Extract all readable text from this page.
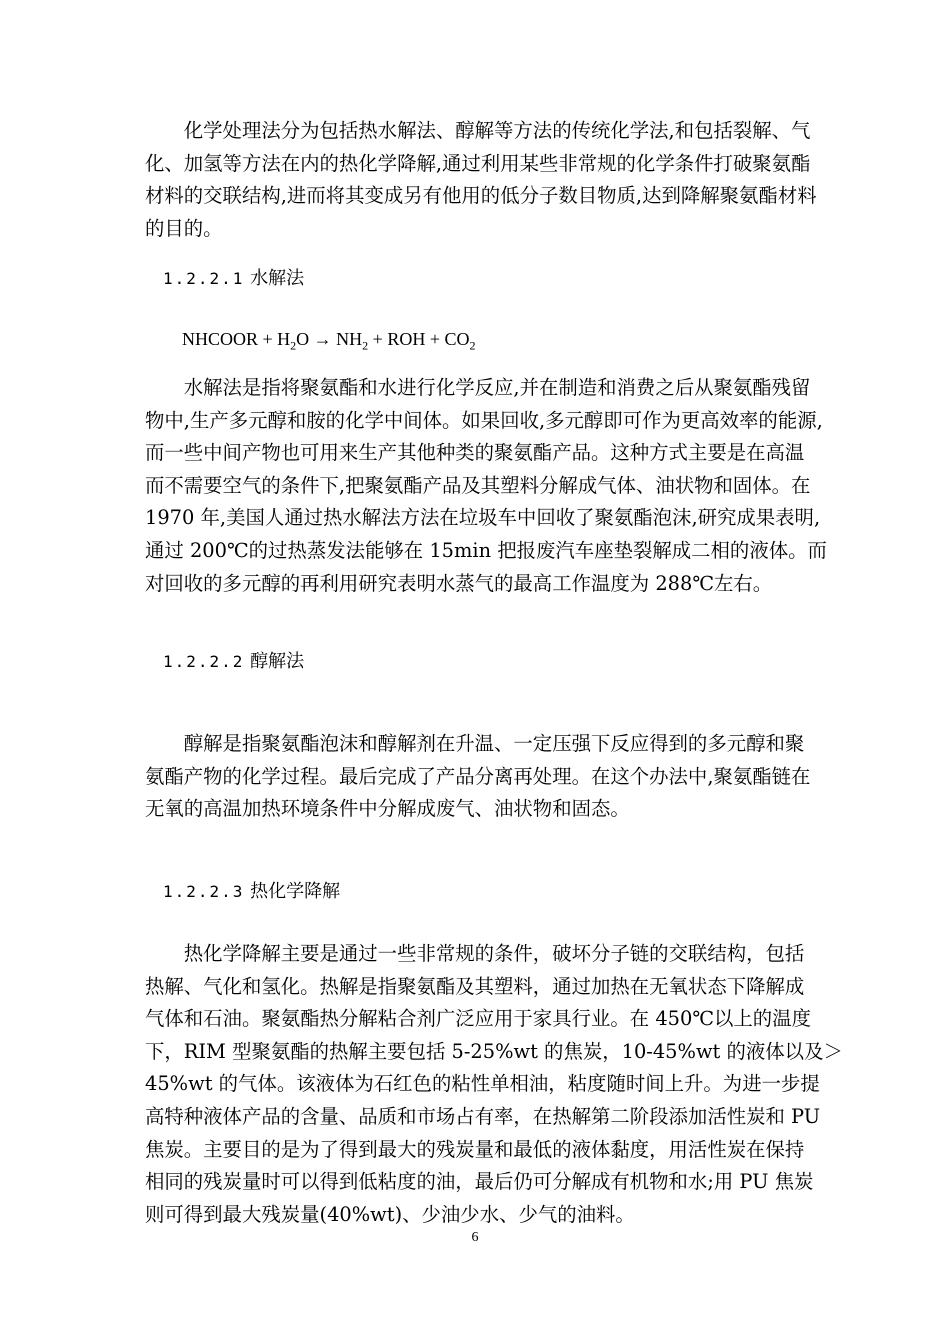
　　化学处理法分为包括热水解法、醇解等方法的传统化学法,和包括裂解、气
化、加氢等方法在内的热化学降解,通过利用某些非常规的化学条件打破聚氨酯
材料的交联结构,进而将其变成另有他用的低分子数目物质,达到降解聚氨酯材料
的目的。
1.2.2.1 水解法
NHCOOR + $H_2O \to NH_2$ + ROH + $CO_2$
　　水解法是指将聚氨酯和水进行化学反应,并在制造和消费之后从聚氨酯残留
物中,生产多元醇和胺的化学中间体。如果回收,多元醇即可作为更高效率的能源,
而一些中间产物也可用来生产其他种类的聚氨酯产品。这种方式主要是在高温
而不需要空气的条件下,把聚氨酯产品及其塑料分解成气体、油状物和固体。在
1970 年,美国人通过热水解法方法在垃圾车中回收了聚氨酯泡沫,研究成果表明,
通过 200℃的过热蒸发法能够在 15min 把报废汽车座垫裂解成二相的液体。而
对回收的多元醇的再利用研究表明水蒸气的最高工作温度为 288℃左右。
1.2.2.2 醇解法
　　醇解是指聚氨酯泡沫和醇解剂在升温、一定压强下反应得到的多元醇和聚
氨酯产物的化学过程。最后完成了产品分离再处理。在这个办法中,聚氨酯链在
无氧的高温加热环境条件中分解成废气、油状物和固态。
1.2.2.3 热化学降解
　　热化学降解主要是通过一些非常规的条件，破坏分子链的交联结构，包括
热解、气化和氢化。热解是指聚氨酯及其塑料，通过加热在无氧状态下降解成
气体和石油。聚氨酯热分解粘合剂广泛应用于家具行业。在 450℃以上的温度
下，RIM 型聚氨酯的热解主要包括 5-25%wt 的焦炭，10-45%wt 的液体以及＞
45%wt 的气体。该液体为石红色的粘性单相油，粘度随时间上升。为进一步提
高特种液体产品的含量、品质和市场占有率，在热解第二阶段添加活性炭和 PU
焦炭。主要目的是为了得到最大的残炭量和最低的液体黏度，用活性炭在保持
相同的残炭量时可以得到低粘度的油，最后仍可分解成有机物和水;用 PU 焦炭
则可得到最大残炭量(40%wt)、少油少水、少气的油料。
6
